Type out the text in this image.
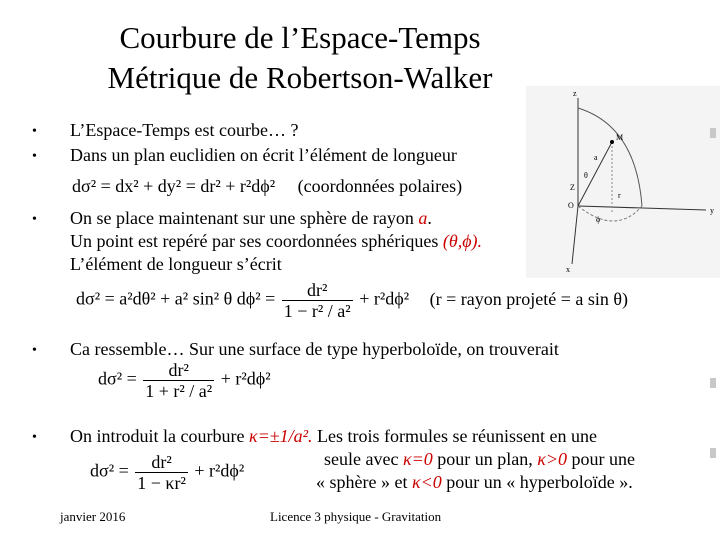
Courbure de l’Espace-Temps
Métrique de Robertson-Walker	z
y
x
M
a
Z
O
θ
ϕ
r
• L’Espace-Temps est courbe… ?
• Dans un plan euclidien on écrit l’élément de longueur
dσ² = dx² + dy² = dr² + r²dϕ² (coordonnées polaires)
• On se place maintenant sur une sphère de rayon a.
Un point est repéré par ses coordonnées sphériques (θ,ϕ).
L’élément de longueur s’écrit
dσ² = a²dθ² + a² sin² θ $d\phi^2 = \frac{\text{dr²}}{\text{1 − r² / a²}} + r^2d\phi^2$ (r = rayon projeté = a sin θ)
• Ca ressemble… Sur une surface de type hyperboloïde, on trouverait
$d\sigma^2 = \frac{\text{dr²}}{\text{1 + r² / a²}} + r^2d\phi^2$
• On introduit la courbure κ=±1/a². Les trois formules se réunissent en une
seule avec κ=0 pour un plan, κ>0 pour une
« sphère » et κ<0 pour un « hyperboloïde ».
$d\sigma^2 = \frac{\text{dr²}}{\text{1 − κr²}} + r^2d\phi^2$
janvier 2016	Licence 3 physique - Gravitation
